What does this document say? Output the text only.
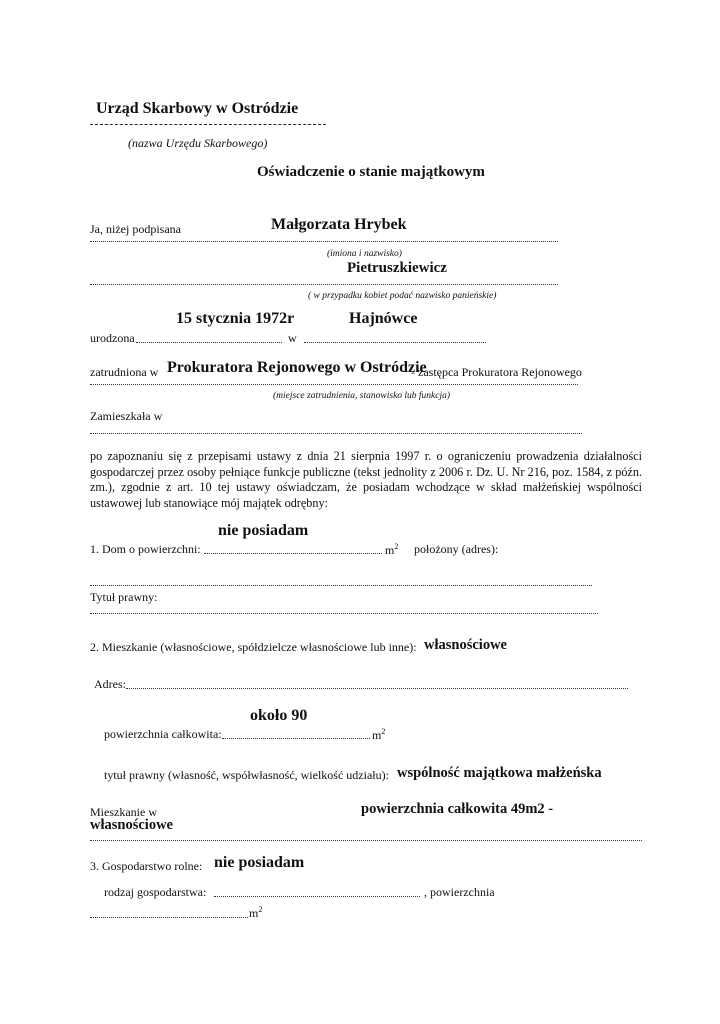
Urząd Skarbowy w Ostródzie
(nazwa Urzędu Skarbowego)
Oświadczenie o stanie majątkowym
Ja, niżej podpisana	Małgorzata Hrybek
(imiona i nazwisko)
Pietruszkiewicz
( w przypadku kobiet podać nazwisko panieńskie)
15 stycznia 1972r	Hajnówce
urodzona	w
zatrudniona w Prokuratora Rejonowego w Ostródzie
- zastępca Prokuratora Rejonowego
(miejsce zatrudnienia, stanowisko lub funkcja)
Zamieszkała w
po zapoznaniu się z przepisami ustawy z dnia 21 sierpnia 1997 r. o ograniczeniu prowadzenia działalności gospodarczej przez osoby pełniące funkcje publiczne (tekst jednolity z 2006 r. Dz. U. Nr 216, poz. 1584, z późn. zm.), zgodnie z art. 10 tej ustawy oświadczam, że posiadam wchodzące w skład małżeńskiej wspólności ustawowej lub stanowiące mój majątek odrębny:
nie posiadam
1. Dom o powierzchni:	$m^2$ położony (adres):
Tytuł prawny:
2. Mieszkanie (własnościowe, spółdzielcze własnościowe lub inne): własnościowe
Adres:
około 90
powierzchnia całkowita:	$m^2$
tytuł prawny (własność, współwłasność, wielkość udziału): wspólność majątkowa małżeńska
Mieszkanie w	powierzchnia całkowita 49m2 -
własnościowe
3. Gospodarstwo rolne: nie posiadam
rodzaj gospodarstwa:	, powierzchnia
$m^2$
